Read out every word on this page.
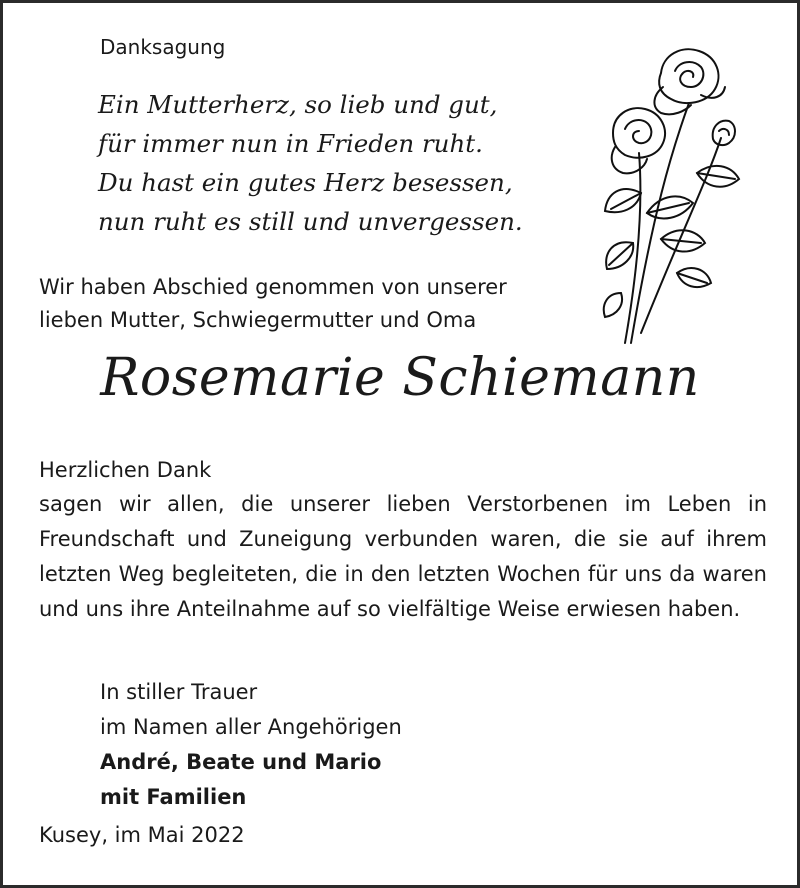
Danksagung
Ein Mutterherz, so lieb und gut,
für immer nun in Frieden ruht.
Du hast ein gutes Herz besessen,
nun ruht es still und unvergessen.
Wir haben Abschied genommen von unserer
lieben Mutter, Schwiegermutter und Oma
Rosemarie Schiemann
Herzlichen Dank
sagen wir allen, die unserer lieben Verstorbenen im Leben in Freundschaft und Zuneigung verbunden waren, die sie auf ihrem letzten Weg begleiteten, die in den letzten Wochen für uns da waren und uns ihre Anteilnahme auf so vielfältige Weise erwiesen haben.
In stiller Trauer
im Namen aller Angehörigen
André, Beate und Mario
mit Familien
Kusey, im Mai 2022
